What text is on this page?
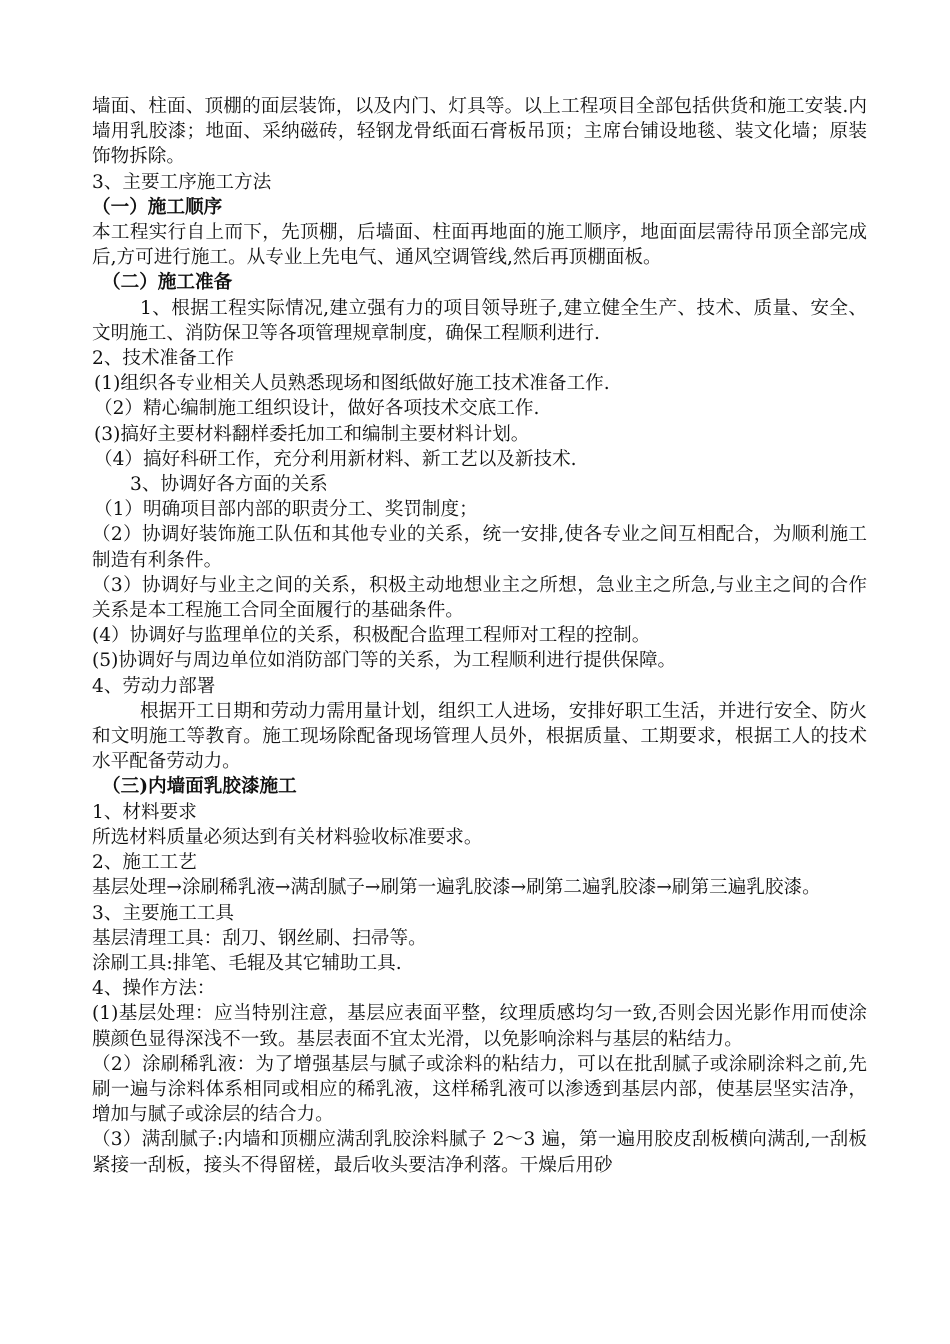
墙面、柱面、顶棚的面层装饰，以及内门、灯具等。以上工程项目全部包括供货和施工安装.内墙用乳胶漆；地面、采纳磁砖，轻钢龙骨纸面石膏板吊顶；主席台铺设地毯、装文化墙；原装饰物拆除。
3、主要工序施工方法
（一）施工顺序
本工程实行自上而下，先顶棚，后墙面、柱面再地面的施工顺序，地面面层需待吊顶全部完成后,方可进行施工。从专业上先电气、通风空调管线,然后再顶棚面板。
（二）施工准备
1、根据工程实际情况,建立强有力的项目领导班子,建立健全生产、技术、质量、安全、文明施工、消防保卫等各项管理规章制度，确保工程顺利进行.
2、技术准备工作
(1)组织各专业相关人员熟悉现场和图纸做好施工技术准备工作.
（2）精心编制施工组织设计，做好各项技术交底工作.
(3)搞好主要材料翻样委托加工和编制主要材料计划。
（4）搞好科研工作，充分利用新材料、新工艺以及新技术.
3、协调好各方面的关系
（1）明确项目部内部的职责分工、奖罚制度；
（2）协调好装饰施工队伍和其他专业的关系，统一安排,使各专业之间互相配合，为顺利施工制造有利条件。
（3）协调好与业主之间的关系，积极主动地想业主之所想，急业主之所急,与业主之间的合作关系是本工程施工合同全面履行的基础条件。
(4）协调好与监理单位的关系，积极配合监理工程师对工程的控制。
(5)协调好与周边单位如消防部门等的关系，为工程顺利进行提供保障。
4、劳动力部署
根据开工日期和劳动力需用量计划，组织工人进场，安排好职工生活，并进行安全、防火和文明施工等教育。施工现场除配备现场管理人员外，根据质量、工期要求，根据工人的技术水平配备劳动力。
（三)内墙面乳胶漆施工
1、材料要求
所选材料质量必须达到有关材料验收标准要求。
2、施工工艺
基层处理→涂刷稀乳液→满刮腻子→刷第一遍乳胶漆→刷第二遍乳胶漆→刷第三遍乳胶漆。
3、主要施工工具
基层清理工具：刮刀、钢丝刷、扫帚等。
涂刷工具:排笔、毛辊及其它辅助工具.
4、操作方法：
(1)基层处理：应当特别注意，基层应表面平整，纹理质感均匀一致,否则会因光影作用而使涂膜颜色显得深浅不一致。基层表面不宜太光滑，以免影响涂料与基层的粘结力。
（2）涂刷稀乳液：为了增强基层与腻子或涂料的粘结力，可以在批刮腻子或涂刷涂料之前,先刷一遍与涂料体系相同或相应的稀乳液，这样稀乳液可以渗透到基层内部，使基层坚实洁净，增加与腻子或涂层的结合力。
（3）满刮腻子:内墙和顶棚应满刮乳胶涂料腻子 2～3 遍，第一遍用胶皮刮板横向满刮,一刮板紧接一刮板，接头不得留槎，最后收头要洁净利落。干燥后用砂
